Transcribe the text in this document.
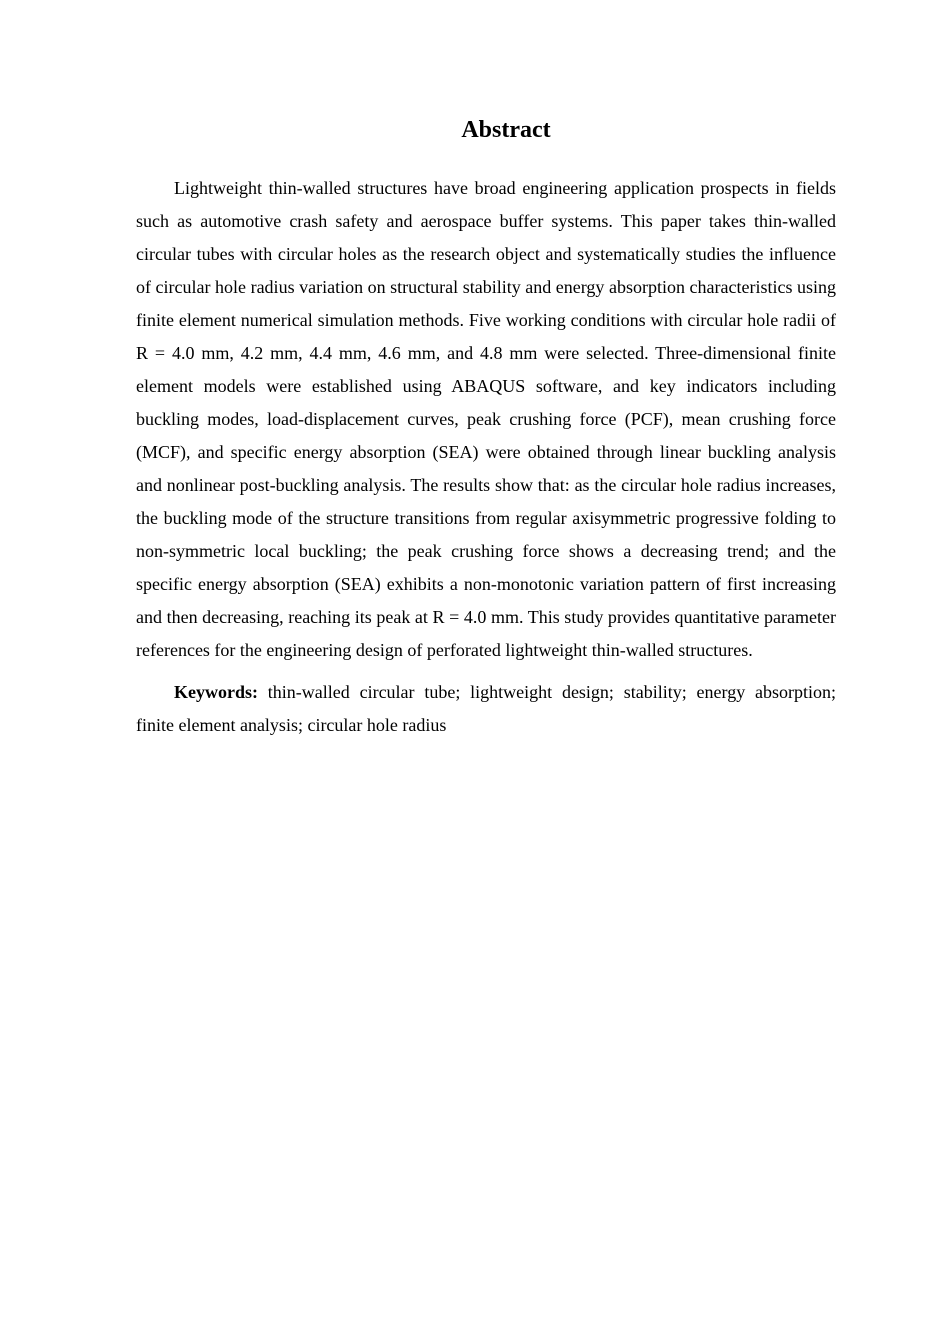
Abstract

Lightweight thin-walled structures have broad engineering application prospects in fields such as automotive crash safety and aerospace buffer systems. This paper takes thin-walled circular tubes with circular holes as the research object and systematically studies the influence of circular hole radius variation on structural stability and energy absorption characteristics using finite element numerical simulation methods. Five working conditions with circular hole radii of R = 4.0 mm, 4.2 mm, 4.4 mm, 4.6 mm, and 4.8 mm were selected. Three-dimensional finite element models were established using ABAQUS software, and key indicators including buckling modes, load-displacement curves, peak crushing force (PCF), mean crushing force (MCF), and specific energy absorption (SEA) were obtained through linear buckling analysis and nonlinear post-buckling analysis. The results show that: as the circular hole radius increases, the buckling mode of the structure transitions from regular axisymmetric progressive folding to non-symmetric local buckling; the peak crushing force shows a decreasing trend; and the specific energy absorption (SEA) exhibits a non-monotonic variation pattern of first increasing and then decreasing, reaching its peak at R = 4.0 mm. This study provides quantitative parameter references for the engineering design of perforated lightweight thin-walled structures.

Keywords: thin-walled circular tube; lightweight design; stability; energy absorption; finite element analysis; circular hole radius
